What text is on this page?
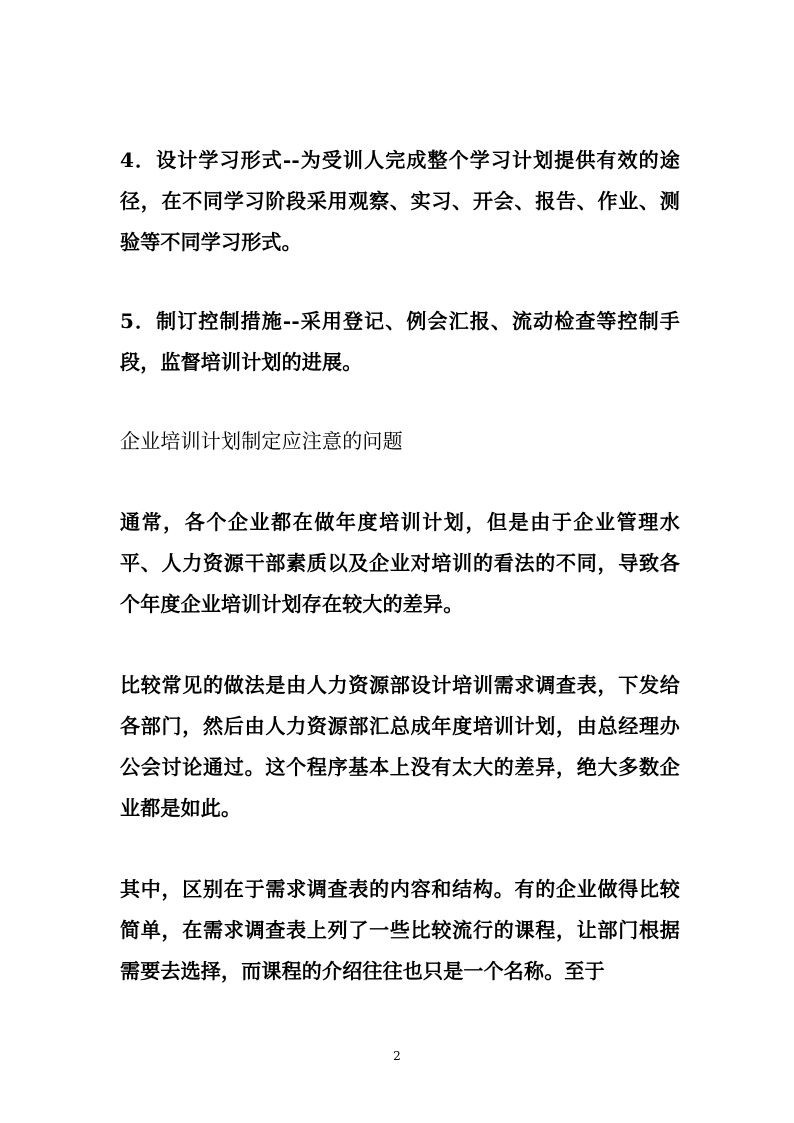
4．设计学习形式--为受训人完成整个学习计划提供有效的途径，在不同学习阶段采用观察、实习、开会、报告、作业、测验等不同学习形式。

5．制订控制措施--采用登记、例会汇报、流动检查等控制手段，监督培训计划的进展。

企业培训计划制定应注意的问题

通常，各个企业都在做年度培训计划，但是由于企业管理水平、人力资源干部素质以及企业对培训的看法的不同，导致各个年度企业培训计划存在较大的差异。

比较常见的做法是由人力资源部设计培训需求调查表，下发给各部门，然后由人力资源部汇总成年度培训计划，由总经理办公会讨论通过。这个程序基本上没有太大的差异，绝大多数企业都是如此。

其中，区别在于需求调查表的内容和结构。有的企业做得比较简单，在需求调查表上列了一些比较流行的课程，让部门根据需要去选择，而课程的介绍往往也只是一个名称。至于

2
